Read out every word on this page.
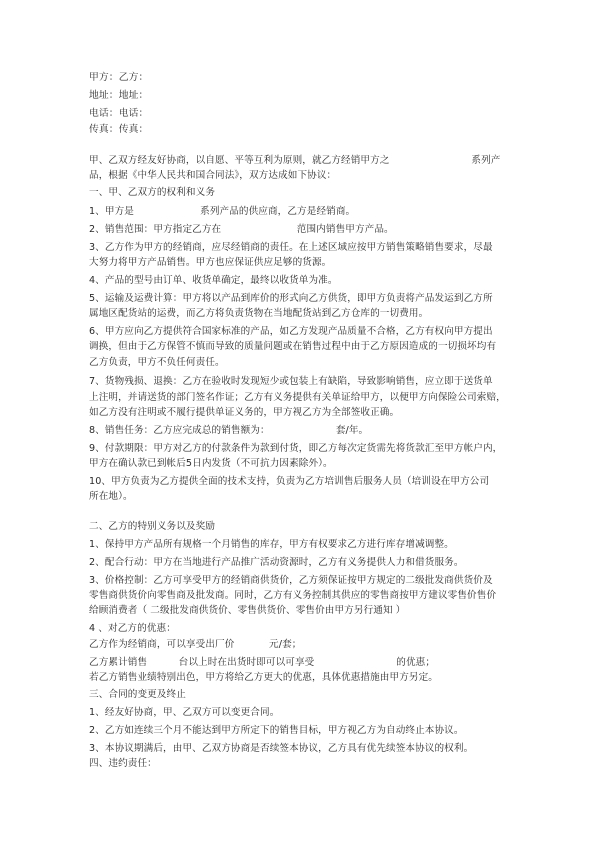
甲方：乙方：
地址：地址：
电话：电话：
传真：传真：
甲、乙双方经友好协商，以自愿、平等互利为原则，就乙方经销甲方之                          系列产
品，根据《中华人民共和国合同法》，双方达成如下协议：
一、甲、乙双方的权利和义务
1、甲方是                     系列产品的供应商，乙方是经销商。
2、销售范围：甲方指定乙方在                        范围内销售甲方产品。
3、乙方作为甲方的经销商，应尽经销商的责任。在上述区域应按甲方销售策略销售要求，尽最
大努力将甲方产品销售。甲方也应保证供应足够的货源。
4、产品的型号由订单、收货单确定，最终以收货单为准。
5、运输及运费计算：甲方将以产品到库价的形式向乙方供货，即甲方负责将产品发运到乙方所
属地区配货站的运费，而乙方将负责货物在当地配货站到乙方仓库的一切费用。
6、甲方应向乙方提供符合国家标准的产品，如乙方发现产品质量不合格，乙方有权向甲方提出
调换，但由于乙方保管不慎而导致的质量问题或在销售过程中由于乙方原因造成的一切损坏均有
乙方负责，甲方不负任何责任。
7、货物残损、退换：乙方在验收时发现短少或包装上有缺陷，导致影响销售，应立即于送货单
上注明，并请送货的部门签名作证；乙方有义务提供有关单证给甲方，以便甲方向保险公司索赔，
如乙方没有注明或不履行提供单证义务的，甲方视乙方为全部签收正确。
8、销售任务：乙方应完成总的销售额为：                     套/年。
9、付款期限：甲方对乙方的付款条件为款到付货，即乙方每次定货需先将货款汇至甲方帐户内，
甲方在确认款已到帐后5日内发货（不可抗力因素除外）。
10、甲方负责为乙方提供全面的技术支持，负责为乙方培训售后服务人员（培训设在甲方公司
所在地）。
二、乙方的特别义务以及奖励
1、保持甲方产品所有规格一个月销售的库存，甲方有权要求乙方进行库存增减调整。
2、配合行动：甲方在当地进行产品推广活动资源时，乙方有义务提供人力和借货服务。
3、价格控制：乙方可享受甲方的经销商供货价，乙方须保证按甲方规定的二级批发商供货价及
零售商供货价向零售商及批发商。同时，乙方有义务控制其供应的零售商按甲方建议零售价售价
给顾消费者（ 二级批发商供货价、零售供货价、零售价由甲方另行通知 ）
4 、对乙方的优惠：
乙方作为经销商，可以享受出厂价           元/套；
乙方累计销售          台以上时在出货时即可以可享受                          的优惠；
若乙方销售业绩特别出色，甲方将给乙方更大的优惠，具体优惠措施由甲方另定。
三、合同的变更及终止
1、经友好协商，甲、乙双方可以变更合同。
2、乙方如连续三个月不能达到甲方所定下的销售目标，甲方视乙方为自动终止本协议。
3、本协议期满后，由甲、乙双方协商是否续签本协议，乙方具有优先续签本协议的权利。
四、违约责任：
